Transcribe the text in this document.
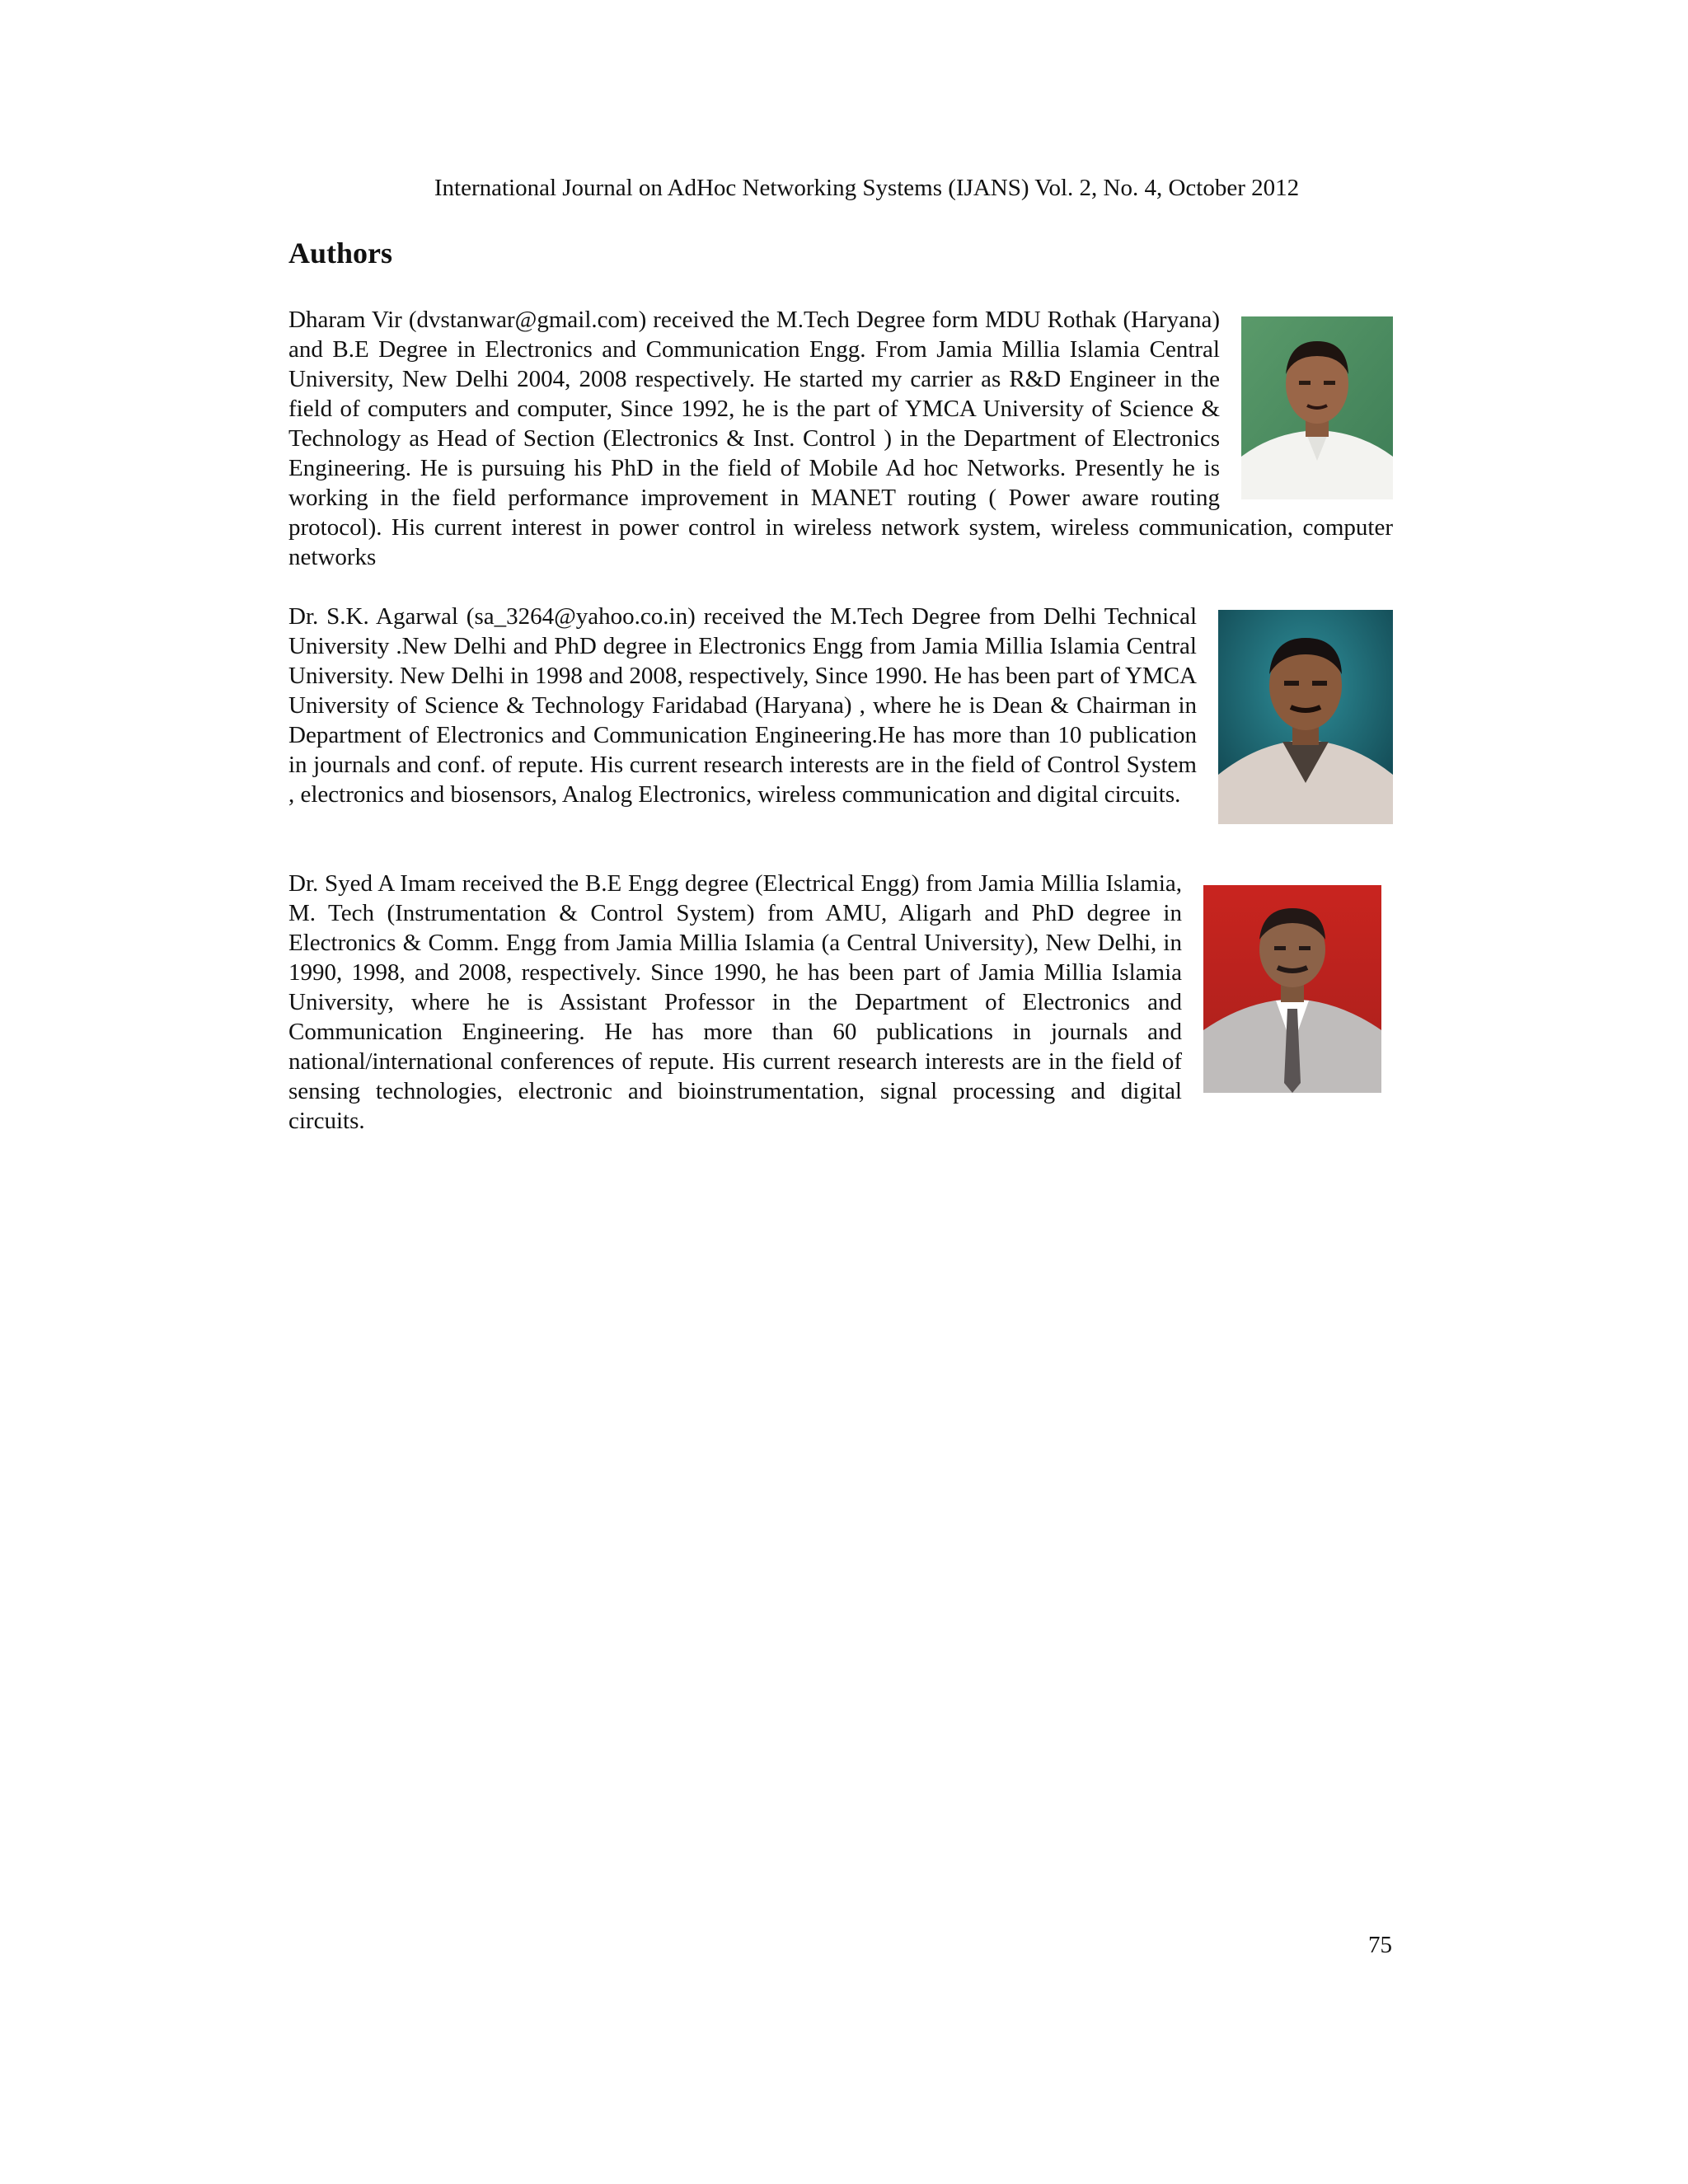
International Journal on AdHoc Networking Systems (IJANS) Vol. 2, No. 4, October 2012
Authors
Dharam Vir (dvstanwar@gmail.com) received the M.Tech Degree form MDU Rothak (Haryana) and B.E Degree in Electronics and Communication Engg. From Jamia Millia Islamia Central University, New Delhi 2004, 2008 respectively. He started my carrier as R&D Engineer in the field of computers and computer, Since 1992, he is the part of YMCA University of Science & Technology as Head of Section (Electronics & Inst. Control ) in the Department of Electronics Engineering. He is pursuing his PhD in the field of Mobile Ad hoc Networks. Presently he is working in the field performance improvement in MANET routing ( Power aware routing protocol). His current interest in power control in wireless network system, wireless communication, computer networks
Dr. S.K. Agarwal (sa_3264@yahoo.co.in) received the M.Tech Degree from Delhi Technical University .New Delhi and PhD degree in Electronics Engg from Jamia Millia Islamia Central University. New Delhi in 1998 and 2008, respectively, Since 1990. He has been part of YMCA University of Science & Technology Faridabad (Haryana) , where he is Dean & Chairman in Department of Electronics and Communication Engineering.He has more than 10 publication in journals and conf. of repute. His current research interests are in the field of Control System , electronics and biosensors, Analog Electronics, wireless communication and digital circuits.
Dr. Syed A Imam received the B.E Engg degree (Electrical Engg) from Jamia Millia Islamia, M. Tech (Instrumentation & Control System) from AMU, Aligarh and PhD degree in Electronics & Comm. Engg from Jamia Millia Islamia (a Central University), New Delhi, in 1990, 1998, and 2008, respectively. Since 1990, he has been part of Jamia Millia Islamia University, where he is Assistant Professor in the Department of Electronics and Communication Engineering. He has more than 60 publications in journals and national/international conferences of repute. His current research interests are in the field of sensing technologies, electronic and bioinstrumentation, signal processing and digital circuits.
75
